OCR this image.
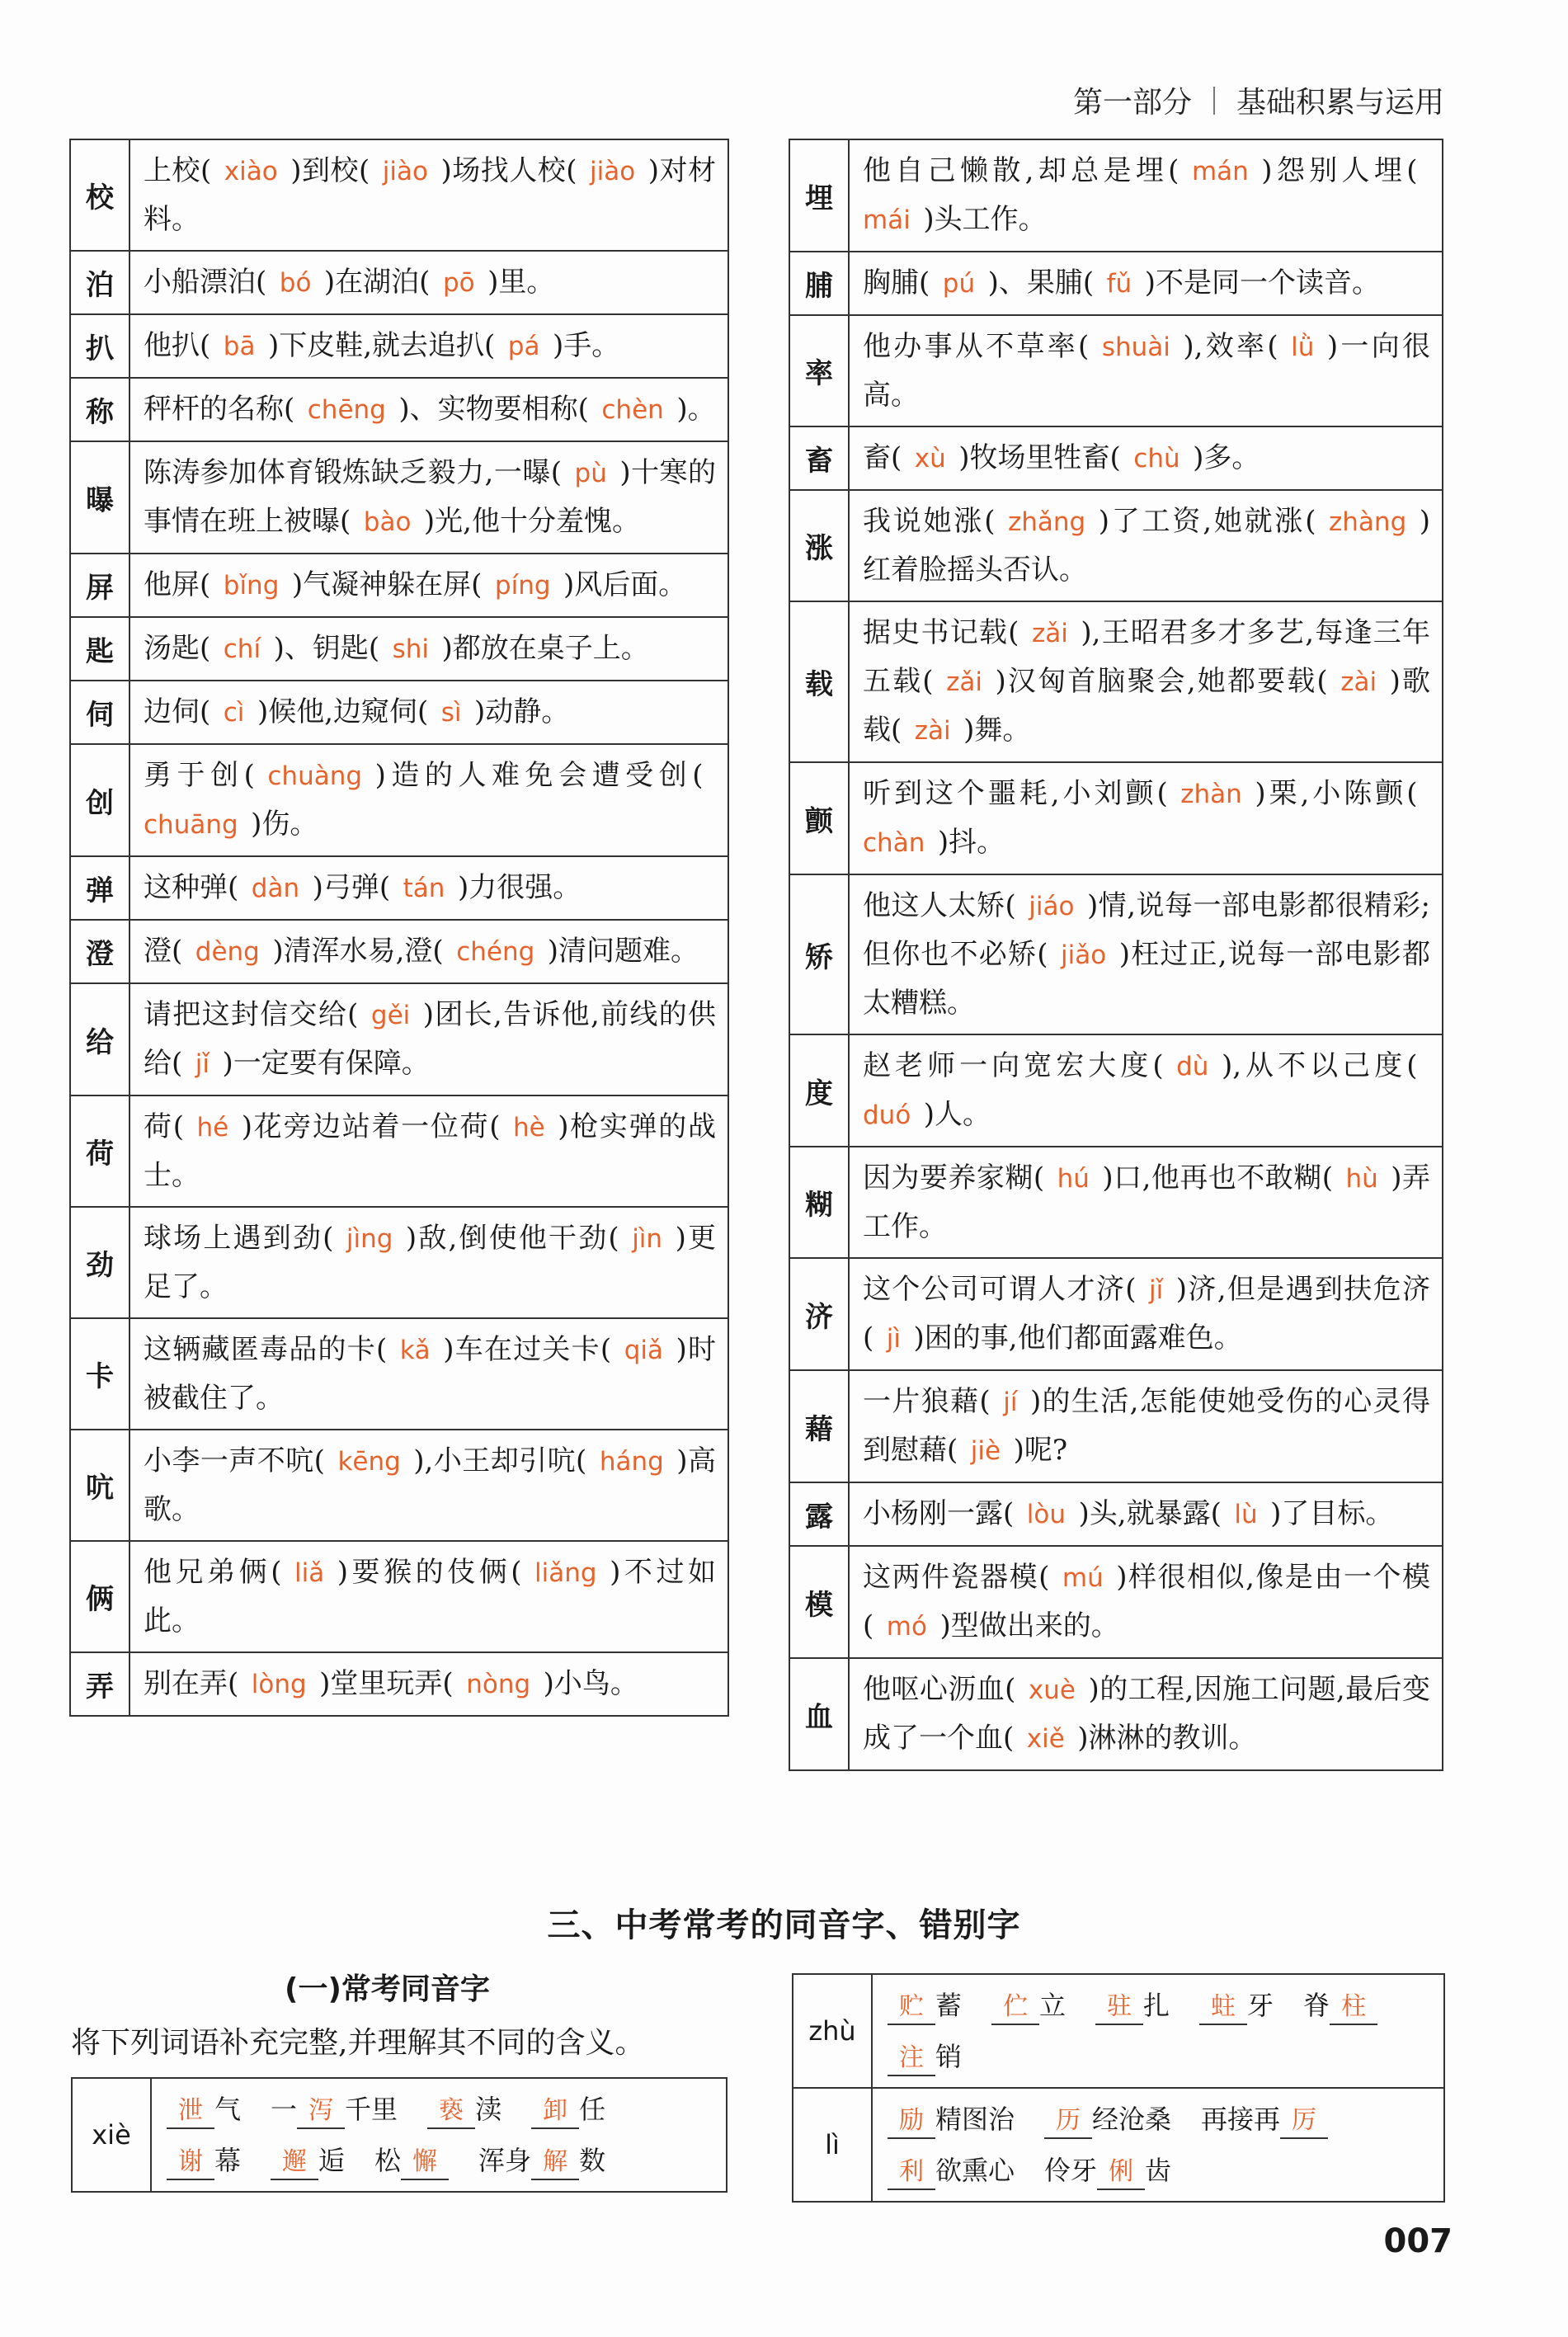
第一部分 基础积累与运用
校	上校( xiào )到校( jiào )场找人校( jiào )对材料。
泊	小船漂泊( bó )在湖泊( pō )里。
扒	他扒( bā )下皮鞋,就去追扒( pá )手。
称	秤杆的名称( chēng )、实物要相称( chèn )。
曝	陈涛参加体育锻炼缺乏毅力,一曝( pù )十寒的事情在班上被曝( bào )光,他十分羞愧。
屏	他屏( bǐng )气凝神躲在屏( píng )风后面。
匙	汤匙( chí )、钥匙( shi )都放在桌子上。
伺	边伺( cì )候他,边窥伺( sì )动静。
创	勇于创( chuàng )造的人难免会遭受创( chuāng )伤。
弹	这种弹( dàn )弓弹( tán )力很强。
澄	澄( dèng )清浑水易,澄( chéng )清问题难。
给	请把这封信交给( gěi )团长,告诉他,前线的供给( jǐ )一定要有保障。
荷	荷( hé )花旁边站着一位荷( hè )枪实弹的战士。
劲	球场上遇到劲( jìng )敌,倒使他干劲( jìn )更足了。
卡	这辆藏匿毒品的卡( kǎ )车在过关卡( qiǎ )时被截住了。
吭	小李一声不吭( kēng ),小王却引吭( háng )高歌。
俩	他兄弟俩( liǎ )要猴的伎俩( liǎng )不过如此。
弄	别在弄( lòng )堂里玩弄( nòng )小鸟。
埋	他自己懒散,却总是埋( mán )怨别人埋( mái )头工作。
脯	胸脯( pú )、果脯( fǔ )不是同一个读音。
率	他办事从不草率( shuài ),效率( lǜ )一向很高。
畜	畜( xù )牧场里牲畜( chù )多。
涨	我说她涨( zhǎng )了工资,她就涨( zhàng )红着脸摇头否认。
载	据史书记载( zǎi ),王昭君多才多艺,每逢三年五载( zǎi )汉匈首脑聚会,她都要载( zài )歌载( zài )舞。
颤	听到这个噩耗,小刘颤( zhàn )栗,小陈颤( chàn )抖。
矫	他这人太矫( jiáo )情,说每一部电影都很精彩;但你也不必矫( jiǎo )枉过正,说每一部电影都太糟糕。
度	赵老师一向宽宏大度( dù ),从不以己度( duó )人。
糊	因为要养家糊( hú )口,他再也不敢糊( hù )弄工作。
济	这个公司可谓人才济( jǐ )济,但是遇到扶危济( jì )困的事,他们都面露难色。
藉	一片狼藉( jí )的生活,怎能使她受伤的心灵得到慰藉( jiè )呢?
露	小杨刚一露( lòu )头,就暴露( lù )了目标。
模	这两件瓷器模( mú )样很相似,像是由一个模( mó )型做出来的。
血	他呕心沥血( xuè )的工程,因施工问题,最后变成了一个血( xiě )淋淋的教训。
三、中考常考的同音字、错别字
(一)常考同音字
将下列词语补充完整,并理解其不同的含义。
xiè	泄 气 一 泻 千里 亵 渎 卸 任谢 幕 邂 逅 松 懈 浑身 解 数
zhù	贮 蓄 伫 立 驻 扎 蛀 牙 脊 柱注 销
lì	励 精图治 历 经沧桑 再接再 厉利 欲熏心 伶牙 俐 齿
007
